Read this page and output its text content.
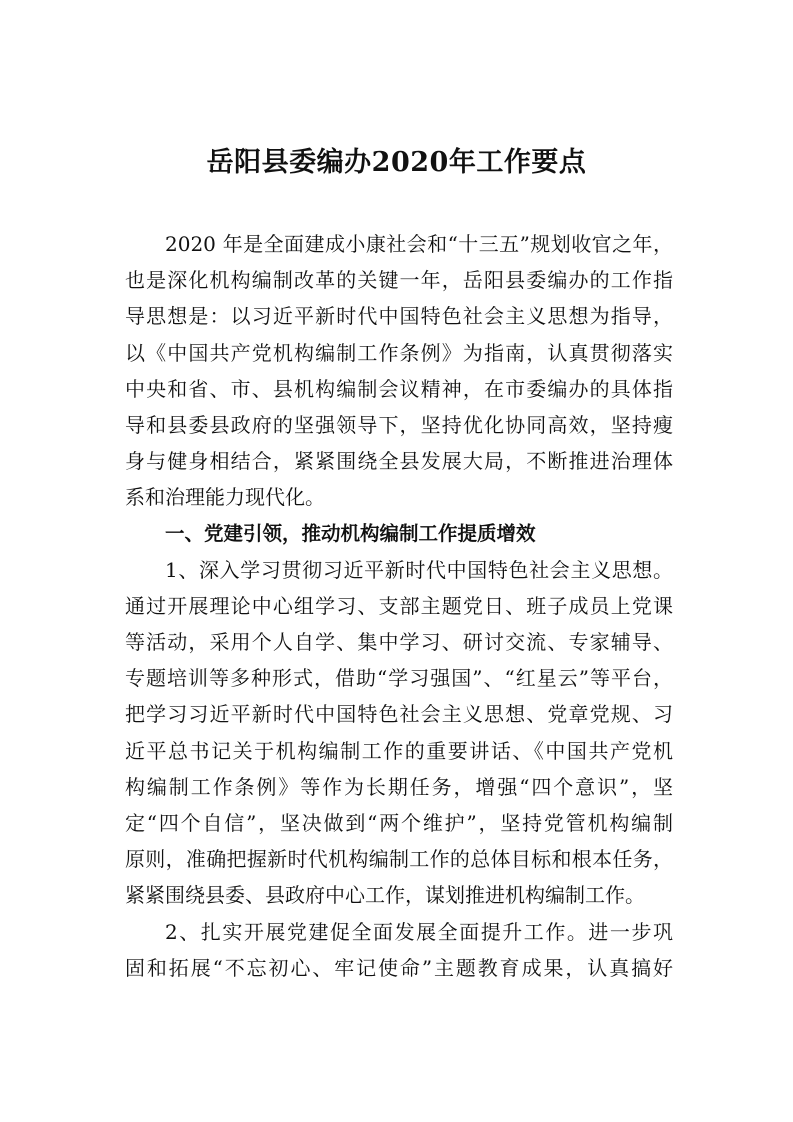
岳阳县委编办2020年工作要点
2020 年是全面建成小康社会和“十三五”规划收官之年，
也是深化机构编制改革的关键一年，岳阳县委编办的工作指
导思想是：以习近平新时代中国特色社会主义思想为指导，
以《中国共产党机构编制工作条例》为指南，认真贯彻落实
中央和省、市、县机构编制会议精神，在市委编办的具体指
导和县委县政府的坚强领导下，坚持优化协同高效，坚持瘦
身与健身相结合，紧紧围绕全县发展大局，不断推进治理体
系和治理能力现代化。
一、党建引领，推动机构编制工作提质增效
1、深入学习贯彻习近平新时代中国特色社会主义思想。
通过开展理论中心组学习、支部主题党日、班子成员上党课
等活动，采用个人自学、集中学习、研讨交流、专家辅导、
专题培训等多种形式，借助“学习强国”、“红星云”等平台，
把学习习近平新时代中国特色社会主义思想、党章党规、习
近平总书记关于机构编制工作的重要讲话、《中国共产党机
构编制工作条例》等作为长期任务，增强“四个意识”，坚
定“四个自信”，坚决做到“两个维护”，坚持党管机构编制
原则，准确把握新时代机构编制工作的总体目标和根本任务，
紧紧围绕县委、县政府中心工作，谋划推进机构编制工作。
2、扎实开展党建促全面发展全面提升工作。进一步巩
固和拓展“不忘初心、牢记使命”主题教育成果，认真搞好
